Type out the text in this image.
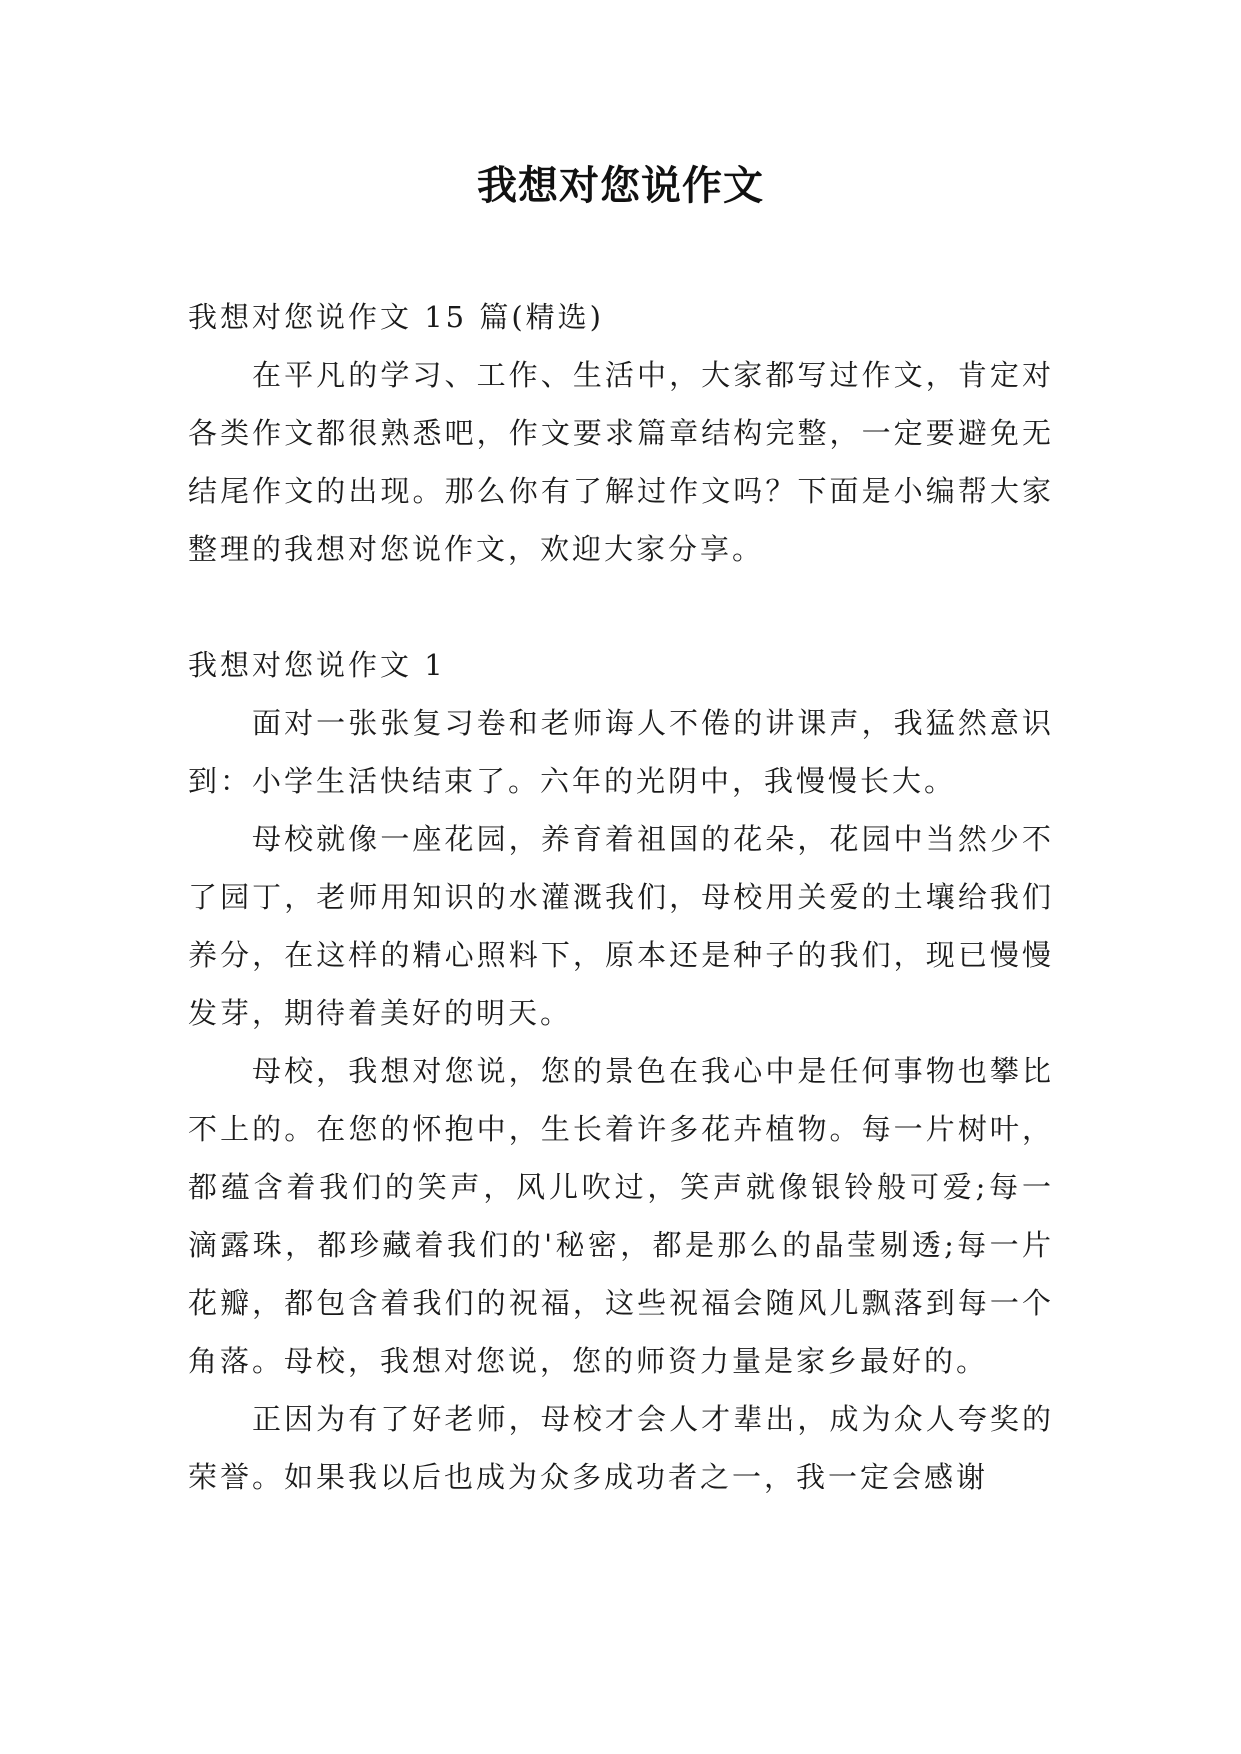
我想对您说作文

我想对您说作文 15 篇(精选)

在平凡的学习、工作、生活中，大家都写过作文，肯定对各类作文都很熟悉吧，作文要求篇章结构完整，一定要避免无结尾作文的出现。那么你有了解过作文吗？下面是小编帮大家整理的我想对您说作文，欢迎大家分享。

我想对您说作文 1

面对一张张复习卷和老师诲人不倦的讲课声，我猛然意识到：小学生活快结束了。六年的光阴中，我慢慢长大。

母校就像一座花园，养育着祖国的花朵，花园中当然少不了园丁，老师用知识的水灌溉我们，母校用关爱的土壤给我们养分，在这样的精心照料下，原本还是种子的我们，现已慢慢发芽，期待着美好的明天。

母校，我想对您说，您的景色在我心中是任何事物也攀比不上的。在您的怀抱中，生长着许多花卉植物。每一片树叶，都蕴含着我们的笑声，风儿吹过，笑声就像银铃般可爱;每一滴露珠，都珍藏着我们的'秘密，都是那么的晶莹剔透;每一片花瓣，都包含着我们的祝福，这些祝福会随风儿飘落到每一个角落。母校，我想对您说，您的师资力量是家乡最好的。

正因为有了好老师，母校才会人才辈出，成为众人夸奖的荣誉。如果我以后也成为众多成功者之一，我一定会感谢
